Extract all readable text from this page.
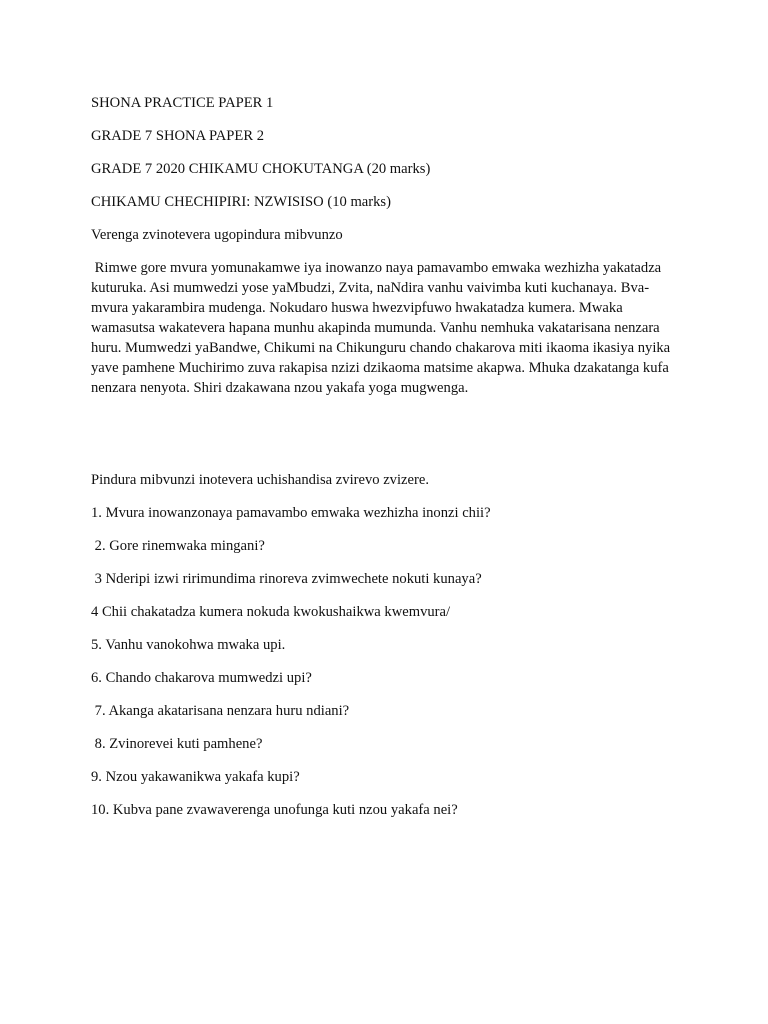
SHONA PRACTICE PAPER 1

GRADE 7 SHONA PAPER 2

GRADE 7 2020 CHIKAMU CHOKUTANGA (20 marks)

CHIKAMU CHECHIPIRI: NZWISISO (10 marks)

Verenga zvinotevera ugopindura mibvunzo

Rimwe gore mvura yomunakamwe iya inowanzo naya pamavambo emwaka wezhizha yakatadza kuturuka. Asi mumwedzi yose yaMbudzi, Zvita, naNdira vanhu vaivimba kuti kuchanaya. Bva-mvura yakarambira mudenga. Nokudaro huswa hwezvipfuwo hwakatadza kumera. Mwaka wamasutsa wakatevera hapana munhu akapinda mumunda. Vanhu nemhuka vakatarisana nenzara huru. Mumwedzi yaBandwe, Chikumi na Chikunguru chando chakarova miti ikaoma ikasiya nyika yave pamhene Muchirimo zuva rakapisa nzizi dzikaoma matsime akapwa. Mhuka dzakatanga kufa nenzara nenyota. Shiri dzakawana nzou yakafa yoga mugwenga.

Pindura mibvunzi inotevera uchishandisa zvirevo zvizere.

1. Mvura inowanzonaya pamavambo emwaka wezhizha inonzi chii?

2. Gore rinemwaka mingani?

3 Nderipi izwi ririmundima rinoreva zvimwechete nokuti kunaya?

4 Chii chakatadza kumera nokuda kwokushaikwa kwemvura/

5. Vanhu vanokohwa mwaka upi.

6. Chando chakarova mumwedzi upi?

7. Akanga akatarisana nenzara huru ndiani?

8. Zvinorevei kuti pamhene?

9. Nzou yakawanikwa yakafa kupi?

10. Kubva pane zvawaverenga unofunga kuti nzou yakafa nei?
